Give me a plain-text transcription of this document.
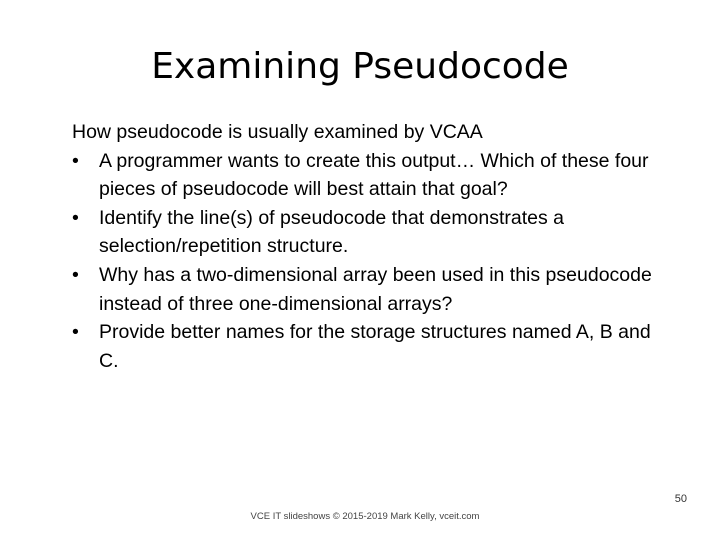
Examining Pseudocode

How pseudocode is usually examined by VCAA

•	A programmer wants to create this output… Which of these four pieces of pseudocode will best attain that goal?
•	Identify the line(s) of pseudocode that demonstrates a selection/repetition structure.
•	Why has a two-dimensional array been used in this pseudocode instead of three one-dimensional arrays?
•	Provide better names for the storage structures named A, B and C.
50
VCE IT slideshows © 2015-2019 Mark Kelly, vceit.com
